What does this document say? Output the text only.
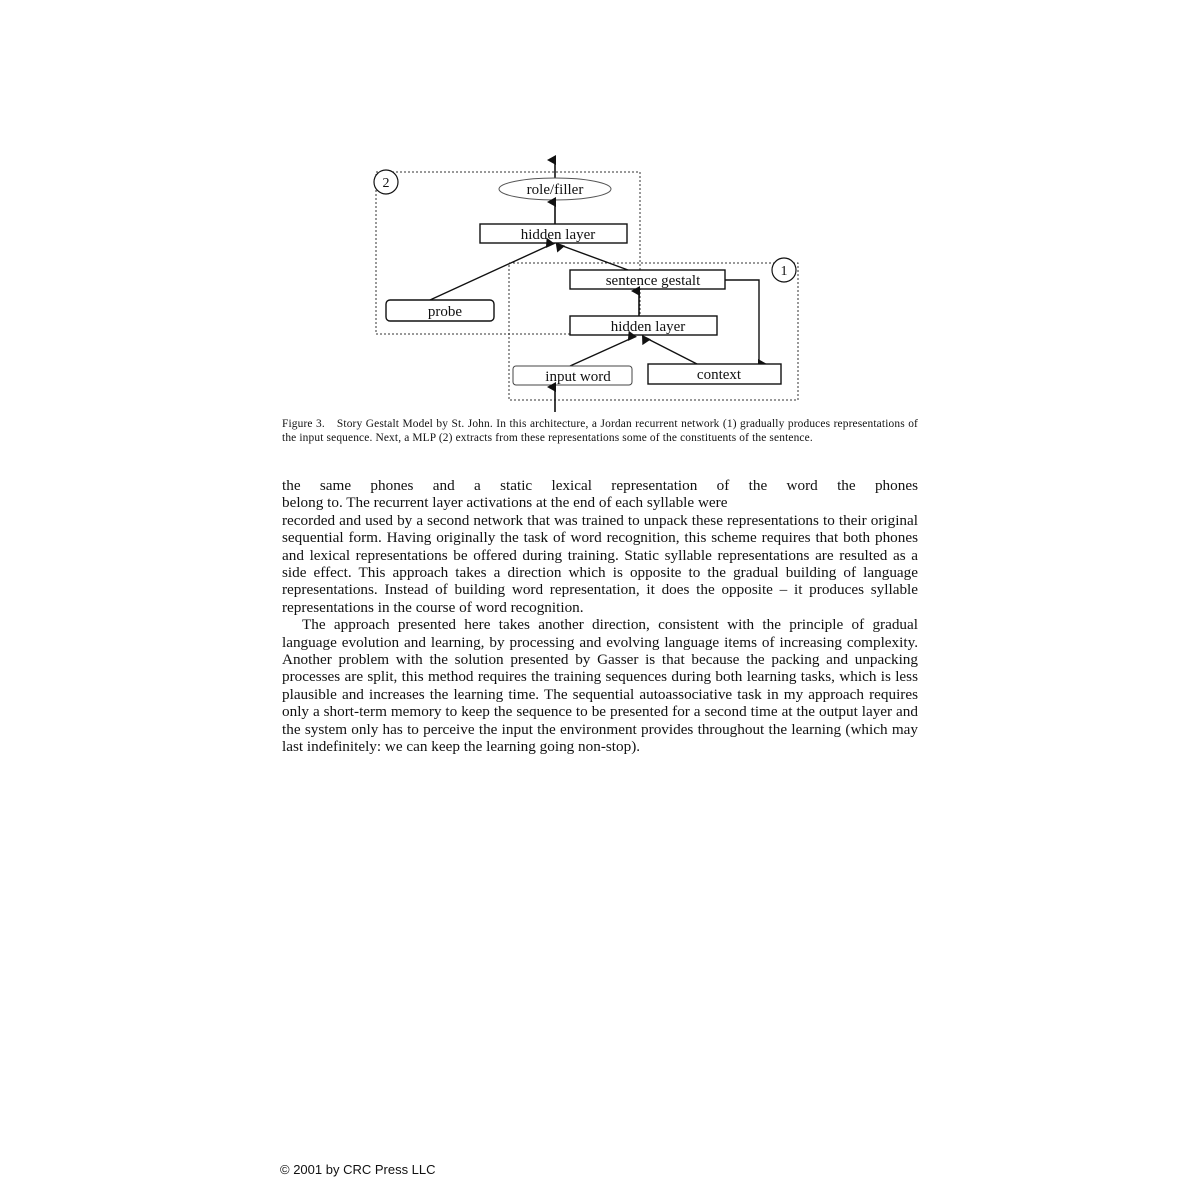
2
1
role/filler
hidden layer
probe
sentence gestalt
hidden layer
input word	context
Figure 3. Story Gestalt Model by St. John. In this architecture, a Jordan recurrent network (1) gradually produces representations of the input sequence. Next, a MLP (2) extracts from these representations some of the constituents of the sentence.

the same phones and a static lexical representation of the word the phones
belong to. The recurrent layer activations at the end of each syllable were
recorded and used by a second network that was trained to unpack these representations to their original sequential form. Having originally the task of word recognition, this scheme requires that both phones and lexical representations be offered during training. Static syllable representations are resulted as a side effect. This approach takes a direction which is opposite to the gradual building of language representations. Instead of building word representation, it does the opposite – it produces syllable representations in the course of word recognition.

The approach presented here takes another direction, consistent with the principle of gradual language evolution and learning, by processing and evolving language items of increasing complexity. Another problem with the solution presented by Gasser is that because the packing and unpacking processes are split, this method requires the training sequences during both learning tasks, which is less plausible and increases the learning time. The sequential autoassociative task in my approach requires only a short-term memory to keep the sequence to be presented for a second time at the output layer and the system only has to perceive the input the environment provides throughout the learning (which may last indefinitely: we can keep the learning going non-stop).

© 2001 by CRC Press LLC
